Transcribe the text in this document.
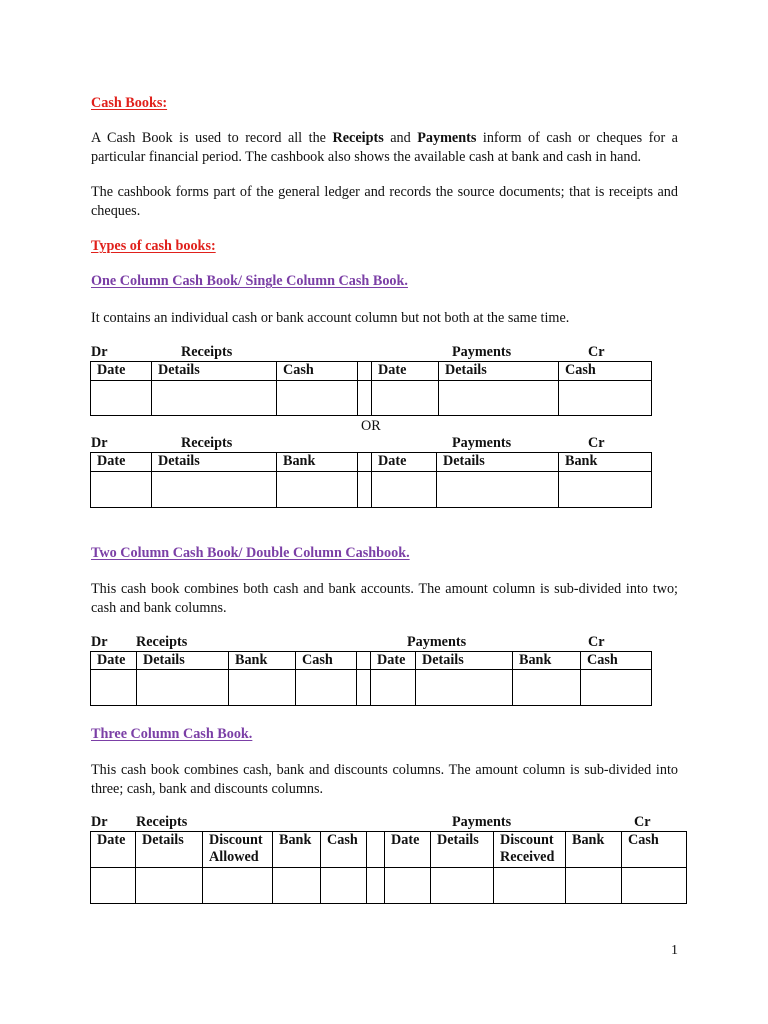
Cash Books:

A Cash Book is used to record all the Receipts and Payments inform of cash or cheques for a particular financial period. The cashbook also shows the available cash at bank and cash in hand.

The cashbook forms part of the general ledger and records the source documents; that is receipts and cheques.

Types of cash books:

One Column Cash Book/ Single Column Cash Book.

It contains an individual cash or bank account column but not both at the same time.

Dr	Receipts	Payments	Cr
Date	Details	Cash		Date	Details	Cash

OR
Dr	Receipts	Payments	Cr
Date	Details	Bank		Date	Details	Bank

Two Column Cash Book/ Double Column Cashbook.

This cash book combines both cash and bank accounts. The amount column is sub-divided into two; cash and bank columns.

Dr Receipts	Payments	Cr
Date	Details	Bank	Cash		Date	Details	Bank	Cash

Three Column Cash Book.

This cash book combines cash, bank and discounts columns. The amount column is sub-divided into three; cash, bank and discounts columns.

Dr Receipts	Payments	Cr
Date	Details	Discount Allowed	Bank	Cash		Date	Details	Discount Received	Bank	Cash

1
